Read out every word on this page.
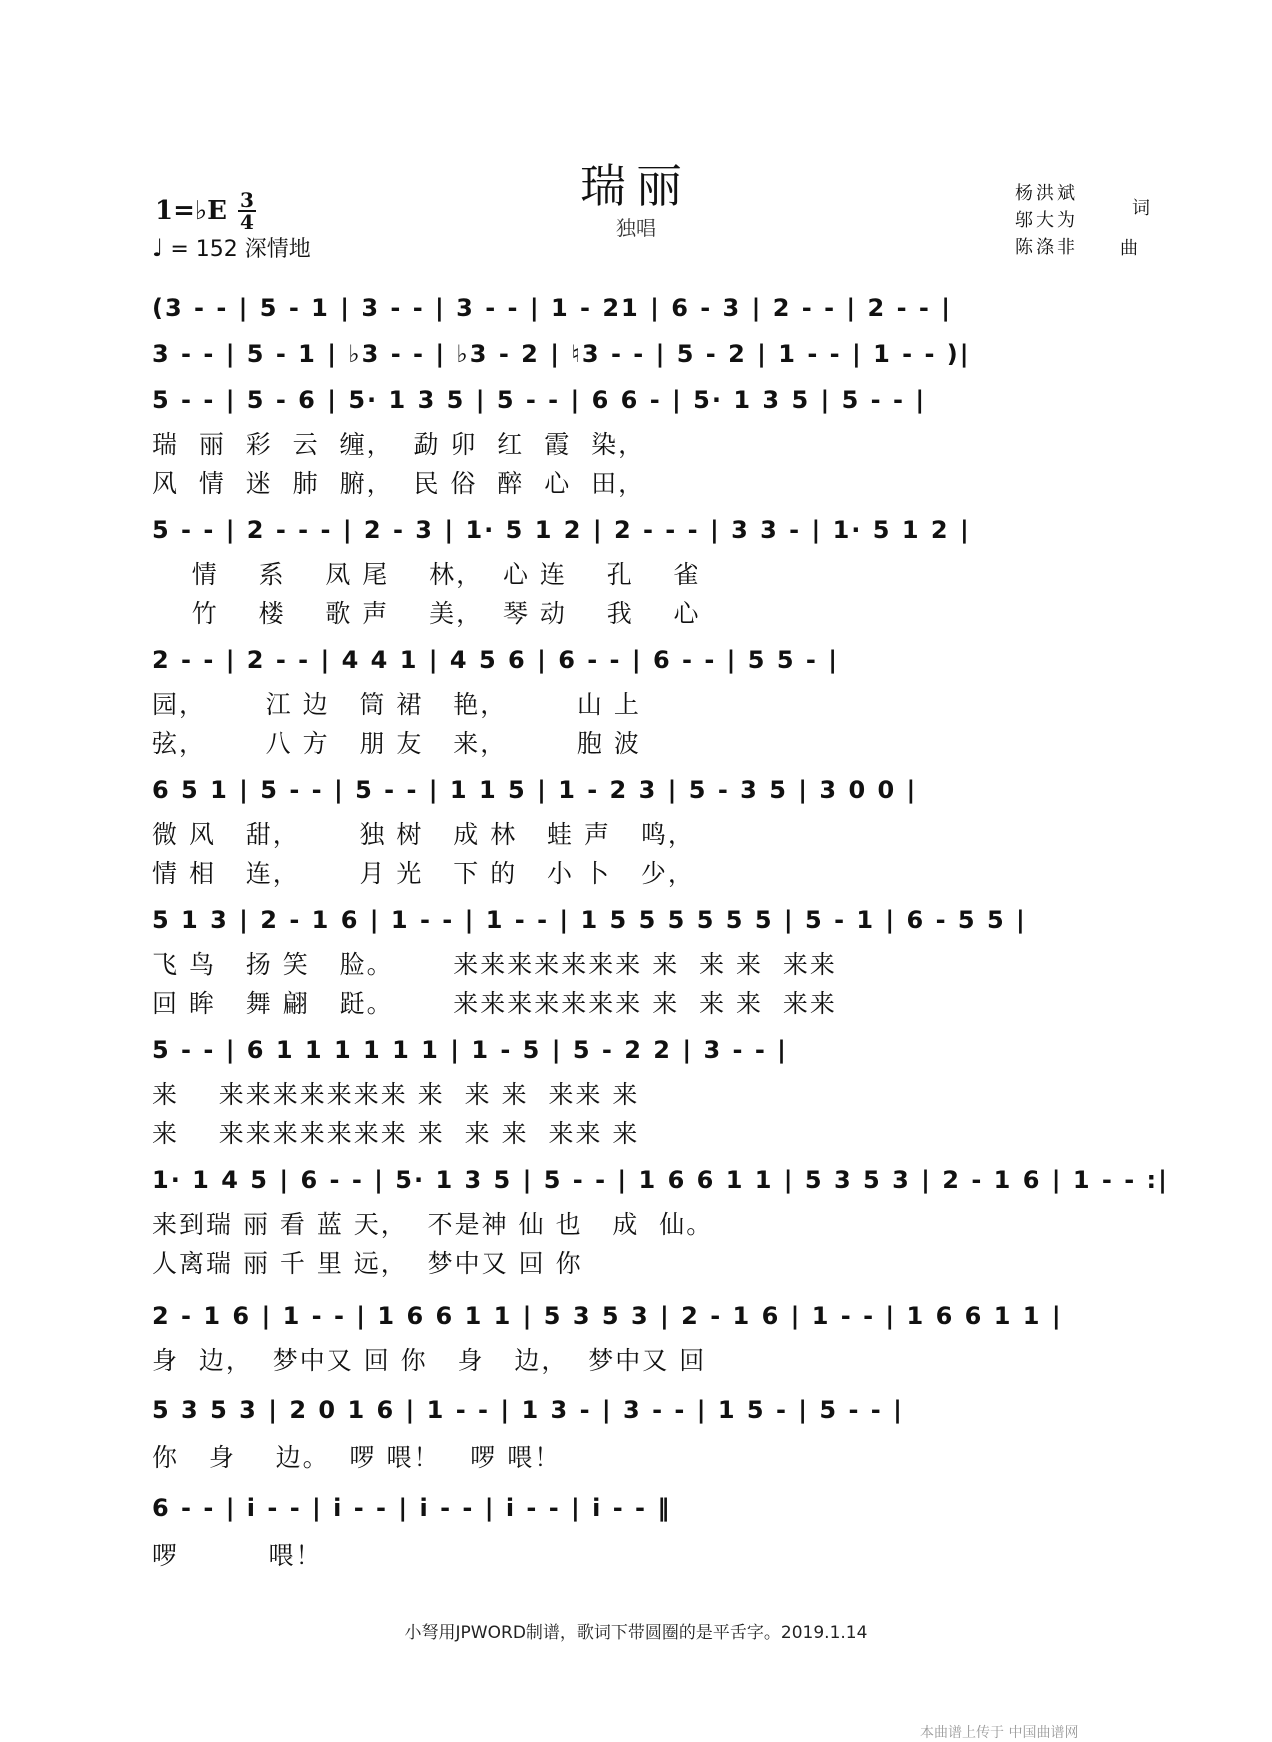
瑞丽
独唱
1=♭E 3
4
♩ = 152 深情地
杨洪斌
邬大为
陈涤非
词
曲
(3 - - | 5 - 1 | 3 - - | 3 - - | 1 - 21 | 6 - 3 | 2 - - | 2 - - |
3 - - | 5 - 1 | ♭3 - - | ♭3 - 2 | ♮3 - - | 5 - 2 | 1 - - | 1 - - )|
5 - - | 5 - 6 | 5· 1 3 5 | 5 - - | 6 6 - | 5· 1 3 5 | 5 - - |
瑞  丽  彩  云  缠，  勐 卯  红  霞  染，
风  情  迷  肺  腑，  民 俗  醉  心  田，
5 - - | 2 - - - | 2 - 3 | 1· 5 1 2 | 2 - - - | 3 3 - | 1· 5 1 2 |
情    系    凤 尾    林，  心 连    孔    雀
竹    楼    歌 声    美，  琴 动    我    心
2 - - | 2 - - | 4 4 1 | 4 5 6 | 6 - - | 6 - - | 5 5 - |
园，      江 边   筒 裙   艳，       山 上
弦，      八 方   朋 友   来，       胞 波
6 5 1 | 5 - - | 5 - - | 1 1 5 | 1 - 2 3 | 5 - 3 5 | 3 0 0 |
微 风   甜，      独 树   成 林   蛙 声   鸣，
情 相   连，      月 光   下 的   小 卜   少，
5 1 3 | 2 - 1 6 | 1 - - | 1 - - | 1 5 5 5 5 5 5 | 5 - 1 | 6 - 5 5 |
飞 鸟   扬 笑   脸。      来来来来来来来 来  来 来  来来
回 眸   舞 翩   跹。      来来来来来来来 来  来 来  来来
5 - - | 6 1 1 1 1 1 1 | 1 - 5 | 5 - 2 2 | 3 - - |
来    来来来来来来来 来  来 来  来来 来
来    来来来来来来来 来  来 来  来来 来
1· 1 4 5 | 6 - - | 5· 1 3 5 | 5 - - | 1 6 6 1 1 | 5 3 5 3 | 2 - 1 6 | 1 - - :|
来到瑞 丽 看 蓝 天，  不是神 仙 也   成  仙。
人离瑞 丽 千 里 远，  梦中又 回 你
2 - 1 6 | 1 - - | 1 6 6 1 1 | 5 3 5 3 | 2 - 1 6 | 1 - - | 1 6 6 1 1 |
身  边，  梦中又 回 你   身   边，  梦中又 回
5 3 5 3 | 2 0 1 6 | 1 - - | 1 3 - | 3 - - | 1 5 - | 5 - - |
你   身    边。  啰 喂！   啰 喂！
6 - - | i - - | i - - | i - - | i - - | i - - ‖
啰         喂！
小弩用JPWORD制谱，歌词下带圆圈的是平舌字。2019.1.14
本曲谱上传于 中国曲谱网
